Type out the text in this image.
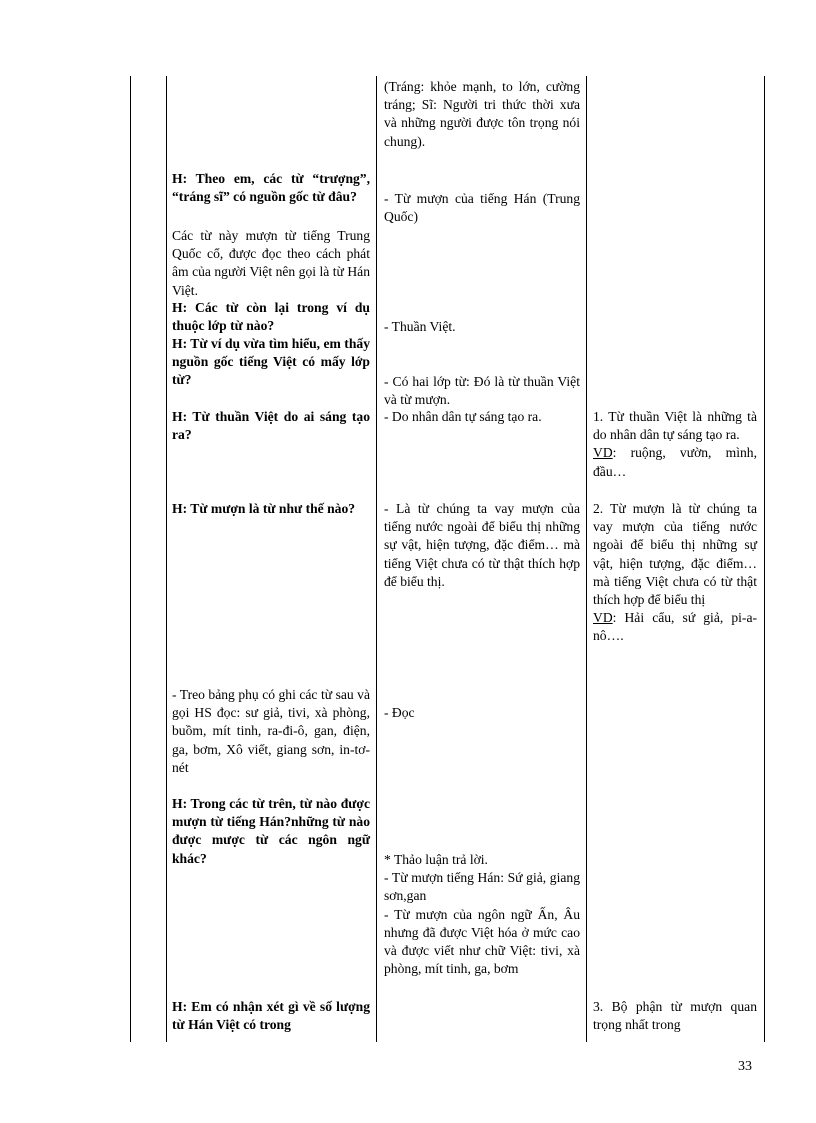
H: Theo em, các từ “trượng”, “tráng sĩ” có nguồn gốc từ đâu?
Các từ này mượn từ tiếng Trung Quốc cổ, được đọc theo cách phát âm của người Việt nên gọi là từ Hán Việt.
H: Các từ còn lại trong ví dụ thuộc lớp từ nào?
H: Từ ví dụ vừa tìm hiểu, em thấy nguồn gốc tiếng Việt có mấy lớp từ?
H: Từ thuần Việt do ai sáng tạo ra?
H: Từ mượn là từ như thế nào?
- Treo bảng phụ có ghi các từ sau và gọi HS đọc: sư giả, tivi, xà phòng, buồm, mít tinh, ra-đi-ô, gan, điện, ga, bơm, Xô viết, giang sơn, in-tơ-nét
H: Trong các từ trên, từ nào được mượn từ tiếng Hán?những từ nào được mược từ các ngôn ngữ khác?
H: Em có nhận xét gì về số lượng từ Hán Việt có trong
(Tráng: khỏe mạnh, to lớn, cường tráng; Sĩ: Người tri thức thời xưa và những người được tôn trọng nói chung).
- Từ mượn của tiếng Hán (Trung Quốc)
- Thuần Việt.
- Có hai lớp từ: Đó là từ thuần Việt và từ mượn.
- Do nhân dân tự sáng tạo ra.
- Là từ chúng ta vay mượn của tiếng nước ngoài để biểu thị những sự vật, hiện tượng, đặc điểm… mà tiếng Việt chưa có từ thật thích hợp để biểu thị.
- Đọc
* Thảo luận trả lời.
- Từ mượn tiếng Hán: Sứ giả, giang sơn,gan
- Từ mượn của ngôn ngữ Ấn, Âu nhưng đã được Việt hóa ở mức cao và được viết như chữ Việt: tivi, xà phòng, mít tinh, ga, bơm
1. Từ thuần Việt là những tà do nhân dân tự sáng tạo ra.
VD: ruộng, vườn, mình, đầu…
2. Từ mượn là từ chúng ta vay mượn của tiếng nước ngoài để biểu thị những sự vật, hiện tượng, đặc điểm… mà tiếng Việt chưa có từ thật thích hợp để biểu thị
VD: Hải cẩu, sứ giả, pi-a-nô….
3. Bộ phận từ mượn quan trọng nhất trong
33
